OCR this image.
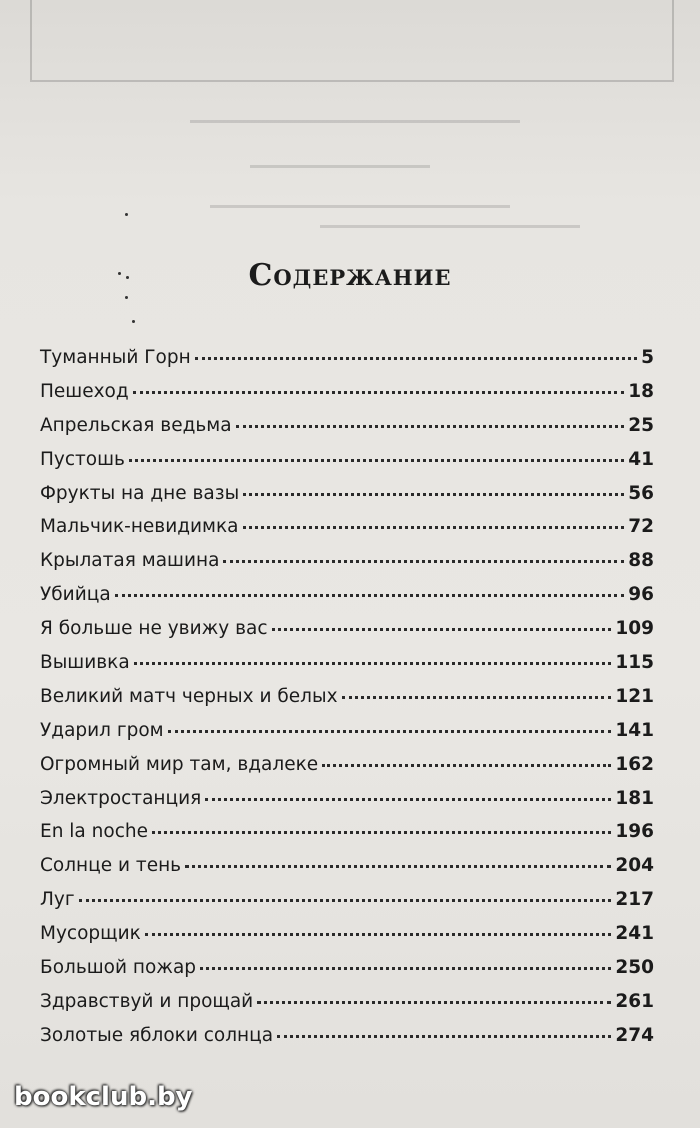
Содержание
Туманный Горн	5
Пешеход	18
Апрельская ведьма	25
Пустошь	41
Фрукты на дне вазы	56
Мальчик-невидимка	72
Крылатая машина	88
Убийца	96
Я больше не увижу вас	109
Вышивка	115
Великий матч черных и белых	121
Ударил гром	141
Огромный мир там, вдалеке	162
Электростанция	181
En la noche	196
Солнце и тень	204
Луг	217
Мусорщик	241
Большой пожар	250
Здравствуй и прощай	261
Золотые яблоки солнца	274
bookclub.by
